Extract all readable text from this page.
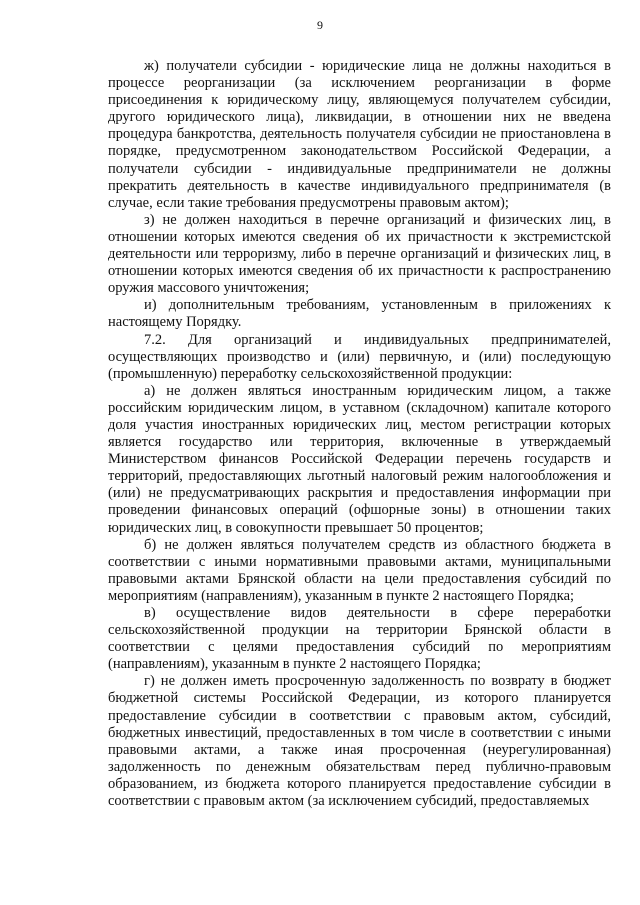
9

ж) получатели субсидии - юридические лица не должны находиться в процессе реорганизации (за исключением реорганизации в форме присоединения к юридическому лицу, являющемуся получателем субсидии, другого юридического лица), ликвидации, в отношении них не введена процедура банкротства, деятельность получателя субсидии не приостановлена в порядке, предусмотренном законодательством Российской Федерации, а получатели субсидии - индивидуальные предприниматели не должны прекратить деятельность в качестве индивидуального предпринимателя (в случае, если такие требования предусмотрены правовым актом);

з) не должен находиться в перечне организаций и физических лиц, в отношении которых имеются сведения об их причастности к экстремистской деятельности или терроризму, либо в перечне организаций и физических лиц, в отношении которых имеются сведения об их причастности к распространению оружия массового уничтожения;

и) дополнительным требованиям, установленным в приложениях к настоящему Порядку.

7.2. Для организаций и индивидуальных предпринимателей, осуществляющих производство и (или) первичную, и (или) последующую (промышленную) переработку сельскохозяйственной продукции:

а) не должен являться иностранным юридическим лицом, а также российским юридическим лицом, в уставном (складочном) капитале которого доля участия иностранных юридических лиц, местом регистрации которых является государство или территория, включенные в утверждаемый Министерством финансов Российской Федерации перечень государств и территорий, предоставляющих льготный налоговый режим налогообложения и (или) не предусматривающих раскрытия и предоставления информации при проведении финансовых операций (офшорные зоны) в отношении таких юридических лиц, в совокупности превышает 50 процентов;

б) не должен являться получателем средств из областного бюджета в соответствии с иными нормативными правовыми актами, муниципальными правовыми актами Брянской области на цели предоставления субсидий по мероприятиям (направлениям), указанным в пункте 2 настоящего Порядка;

в) осуществление видов деятельности в сфере переработки сельскохозяйственной продукции на территории Брянской области в соответствии с целями предоставления субсидий по мероприятиям (направлениям), указанным в пункте 2 настоящего Порядка;

г) не должен иметь просроченную задолженность по возврату в бюджет бюджетной системы Российской Федерации, из которого планируется предоставление субсидии в соответствии с правовым актом, субсидий, бюджетных инвестиций, предоставленных в том числе в соответствии с иными правовыми актами, а также иная просроченная (неурегулированная) задолженность по денежным обязательствам перед публично-правовым образованием, из бюджета которого планируется предоставление субсидии в соответствии с правовым актом (за исключением субсидий, предоставляемых
